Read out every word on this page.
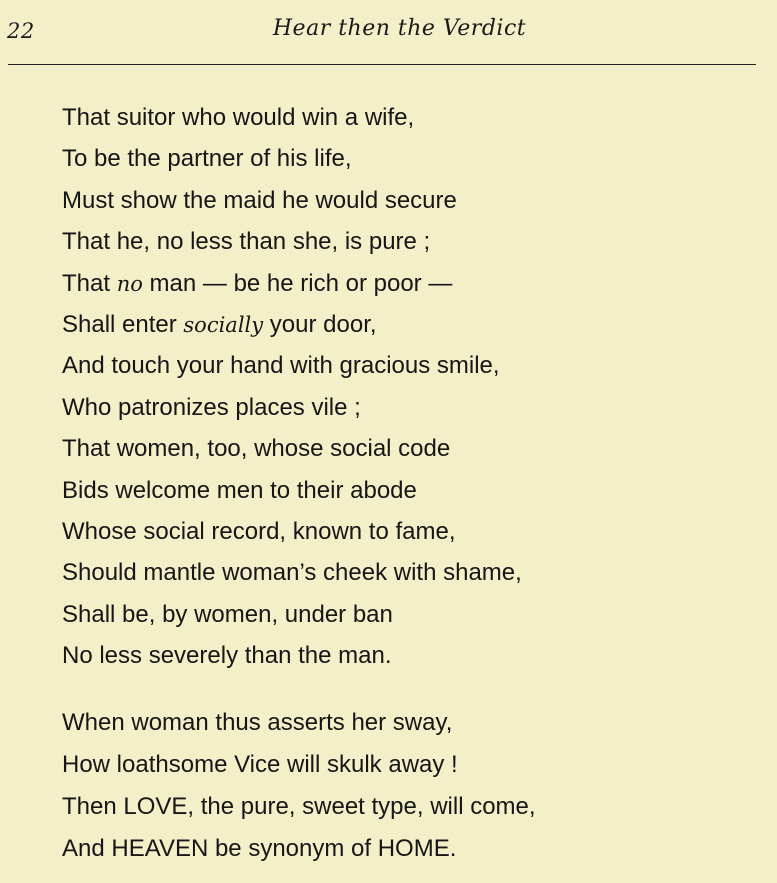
22	Hear then the Verdict
That suitor who would win a wife,
To be the partner of his life,
Must show the maid he would secure
That he, no less than she, is pure ;
That no man — be he rich or poor —
Shall enter socially your door,
And touch your hand with gracious smile,
Who patronizes places vile ;
That women, too, whose social code
Bids welcome men to their abode
Whose social record, known to fame,
Should mantle woman’s cheek with shame,
Shall be, by women, under ban
No less severely than the man.
When woman thus asserts her sway,
How loathsome Vice will skulk away !
Then LOVE, the pure, sweet type, will come,
And HEAVEN be synonym of HOME.
